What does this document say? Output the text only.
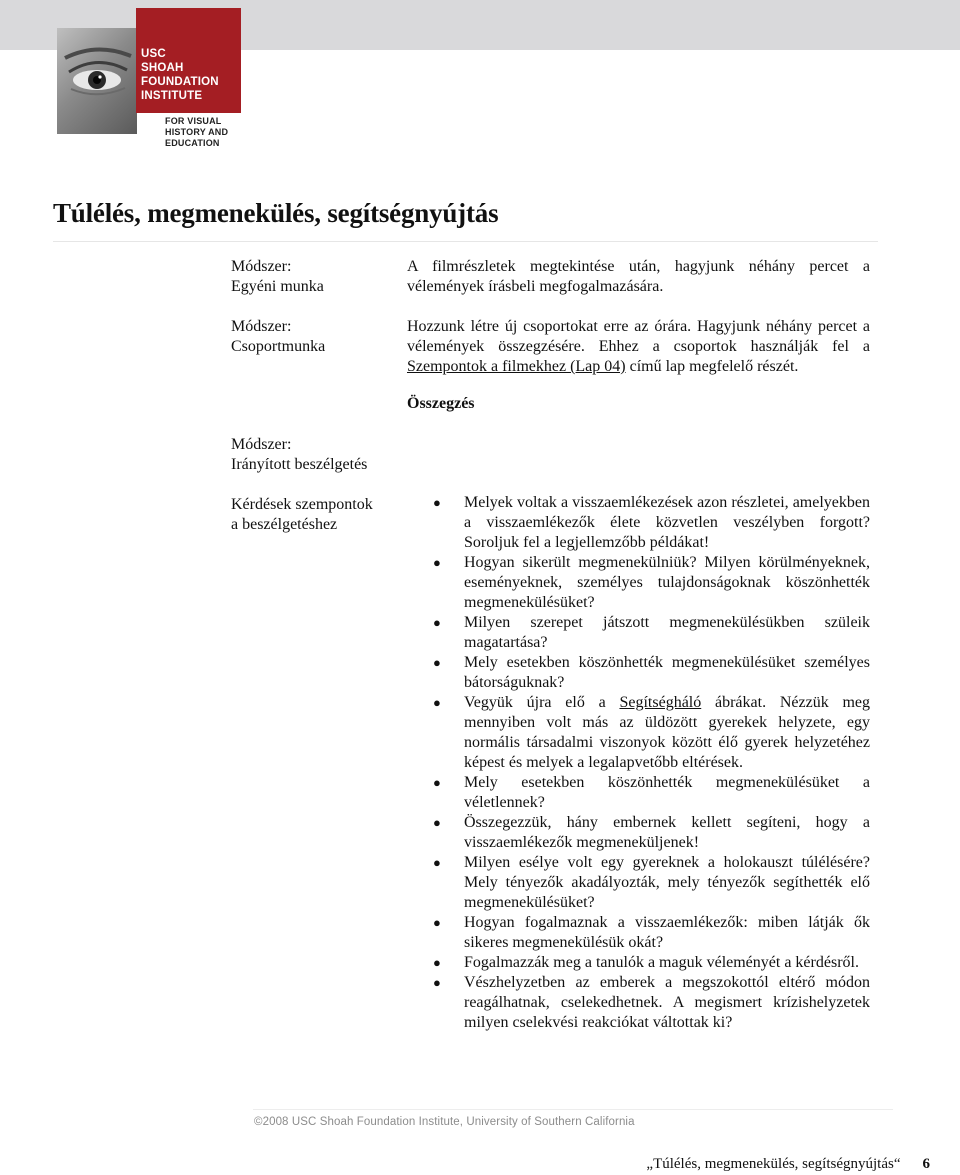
USC
SHOAH
FOUNDATION
INSTITUTE
FOR VISUAL
HISTORY AND
EDUCATION
Túlélés, megmenekülés, segítségnyújtás
Módszer:
Egyéni munka
A filmrészletek megtekintése után, hagyjunk néhány percet a vélemények írásbeli megfogalmazására.
Módszer:
Csoportmunka
Hozzunk létre új csoportokat erre az órára. Hagyjunk néhány percet a vélemények összegzésére. Ehhez a csoportok használják fel a Szempontok a filmekhez (Lap 04) című lap megfelelő részét.
Összegzés
Módszer:
Irányított beszélgetés
Kérdések szempontok
a beszélgetéshez
● Melyek voltak a visszaemlékezések azon részletei, amelyekben a visszaemlékezők élete közvetlen veszélyben forgott? Soroljuk fel a legjellemzőbb példákat!
● Hogyan sikerült megmenekülniük? Milyen körülményeknek, eseményeknek, személyes tulajdonságoknak köszönhették megmenekülésüket?
● Milyen szerepet játszott megmenekülésükben szüleik magatartása?
● Mely esetekben köszönhették megmenekülésüket személyes bátorságuknak?
● Vegyük újra elő a Segítségháló ábrákat. Nézzük meg mennyiben volt más az üldözött gyerekek helyzete, egy normális társadalmi viszonyok között élő gyerek helyzetéhez képest és melyek a legalapvetőbb eltérések.
● Mely esetekben köszönhették megmenekülésüket a véletlennek?
● Összegezzük, hány embernek kellett segíteni, hogy a visszaemlékezők megmeneküljenek!
● Milyen esélye volt egy gyereknek a holokauszt túlélésére? Mely tényezők akadályozták, mely tényezők segíthették elő megmenekülésüket?
● Hogyan fogalmaznak a visszaemlékezők: miben látják ők sikeres megmenekülésük okát?
● Fogalmazzák meg a tanulók a maguk véleményét a kérdésről.
● Vészhelyzetben az emberek a megszokottól eltérő módon reagálhatnak, cselekedhetnek. A megismert krízishelyzetek milyen cselekvési reakciókat váltottak ki?
©2008 USC Shoah Foundation Institute, University of Southern California
„Túlélés, megmenekülés, segítségnyújtás“ 6
